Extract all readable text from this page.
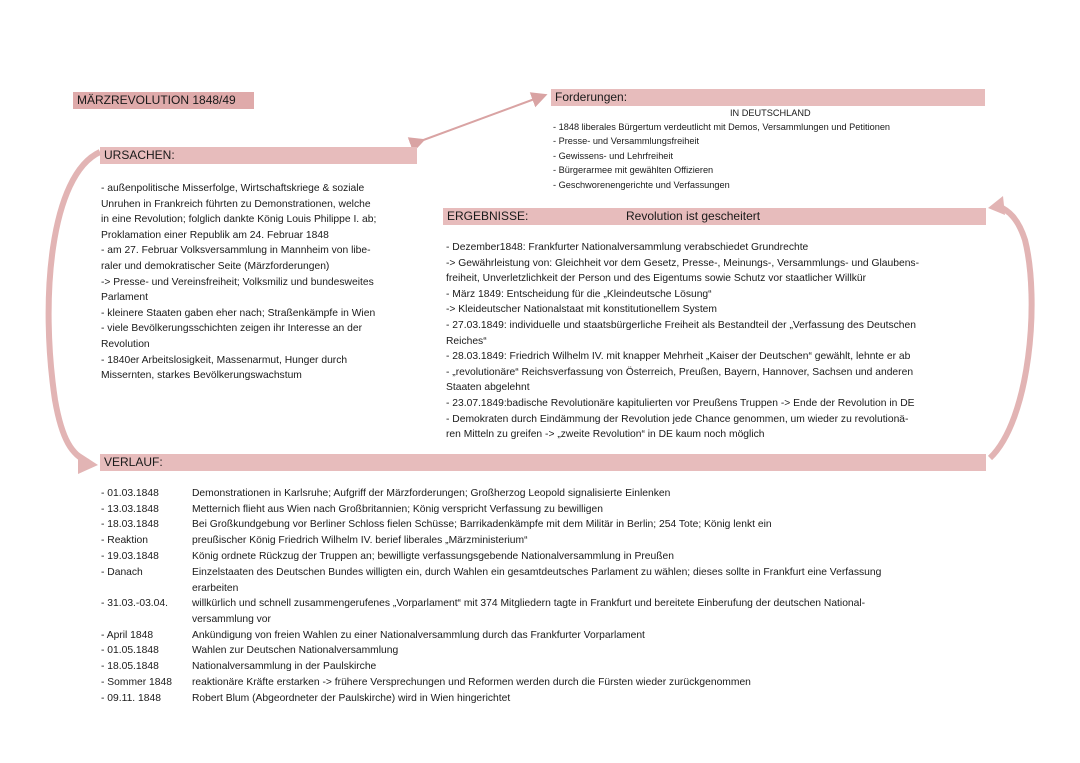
MÄRZREVOLUTION 1848/49	Forderungen:
IN DEUTSCHLAND
- 1848 liberales Bürgertum verdeutlicht mit Demos, Versammlungen und Petitionen
- Presse- und Versammlungsfreiheit
- Gewissens- und Lehrfreiheit
- Bürgerarmee mit gewählten Offizieren
- Geschworenengerichte und Verfassungen
URSACHEN:
- außenpolitische Misserfolge, Wirtschaftskriege & soziale
Unruhen in Frankreich führten zu Demonstrationen, welche
in eine Revolution; folglich dankte König Louis Philippe I. ab;
Proklamation einer Republik am 24. Februar 1848
- am 27. Februar Volksversammlung in Mannheim von libe-
raler und demokratischer Seite (Märzforderungen)
-> Presse- und Vereinsfreiheit; Volksmiliz und bundesweites
Parlament
- kleinere Staaten gaben eher nach; Straßenkämpfe in Wien
- viele Bevölkerungsschichten zeigen ihr Interesse an der
Revolution
- 1840er Arbeitslosigkeit, Massenarmut, Hunger durch
Missernten, starkes Bevölkerungswachstum
ERGEBNISSE:	Revolution ist gescheitert
- Dezember1848: Frankfurter Nationalversammlung verabschiedet Grundrechte
-> Gewährleistung von: Gleichheit vor dem Gesetz, Presse-, Meinungs-, Versammlungs- und Glaubens-
freiheit, Unverletzlichkeit der Person und des Eigentums sowie Schutz vor staatlicher Willkür
- März 1849: Entscheidung für die „Kleindeutsche Lösung“
-> Kleideutscher Nationalstaat mit konstitutionellem System
- 27.03.1849: individuelle und staatsbürgerliche Freiheit als Bestandteil der „Verfassung des Deutschen
Reiches“
- 28.03.1849: Friedrich Wilhelm IV. mit knapper Mehrheit „Kaiser der Deutschen“ gewählt, lehnte er ab
- „revolutionäre“ Reichsverfassung von Österreich, Preußen, Bayern, Hannover, Sachsen und anderen
Staaten abgelehnt
- 23.07.1849:badische Revolutionäre kapitulierten vor Preußens Truppen -> Ende der Revolution in DE
- Demokraten durch Eindämmung der Revolution jede Chance genommen, um wieder zu revolutionä-
ren Mitteln zu greifen -> „zweite Revolution“ in DE kaum noch möglich
VERLAUF:
- 01.03.1848	Demonstrationen in Karlsruhe; Aufgriff der Märzforderungen; Großherzog Leopold signalisierte Einlenken
- 13.03.1848	Metternich flieht aus Wien nach Großbritannien; König verspricht Verfassung zu bewilligen
- 18.03.1848	Bei Großkundgebung vor Berliner Schloss fielen Schüsse; Barrikadenkämpfe mit dem Militär in Berlin; 254 Tote; König lenkt ein
- Reaktion	preußischer König Friedrich Wilhelm IV. berief liberales „Märzministerium“
- 19.03.1848	König ordnete Rückzug der Truppen an; bewilligte verfassungsgebende Nationalversammlung in Preußen
- Danach	Einzelstaaten des Deutschen Bundes willigten ein, durch Wahlen ein gesamtdeutsches Parlament zu wählen; dieses sollte in Frankfurt eine Verfassung
erarbeiten
- 31.03.-03.04. willkürlich und schnell zusammengerufenes „Vorparlament“ mit 374 Mitgliedern tagte in Frankfurt und bereitete Einberufung der deutschen National-
versammlung vor
- April 1848	Ankündigung von freien Wahlen zu einer Nationalversammlung durch das Frankfurter Vorparlament
- 01.05.1848	Wahlen zur Deutschen Nationalversammlung
- 18.05.1848	Nationalversammlung in der Paulskirche
- Sommer 1848 reaktionäre Kräfte erstarken -> frühere Versprechungen und Reformen werden durch die Fürsten wieder zurückgenommen
- 09.11. 1848	Robert Blum (Abgeordneter der Paulskirche) wird in Wien hingerichtet
